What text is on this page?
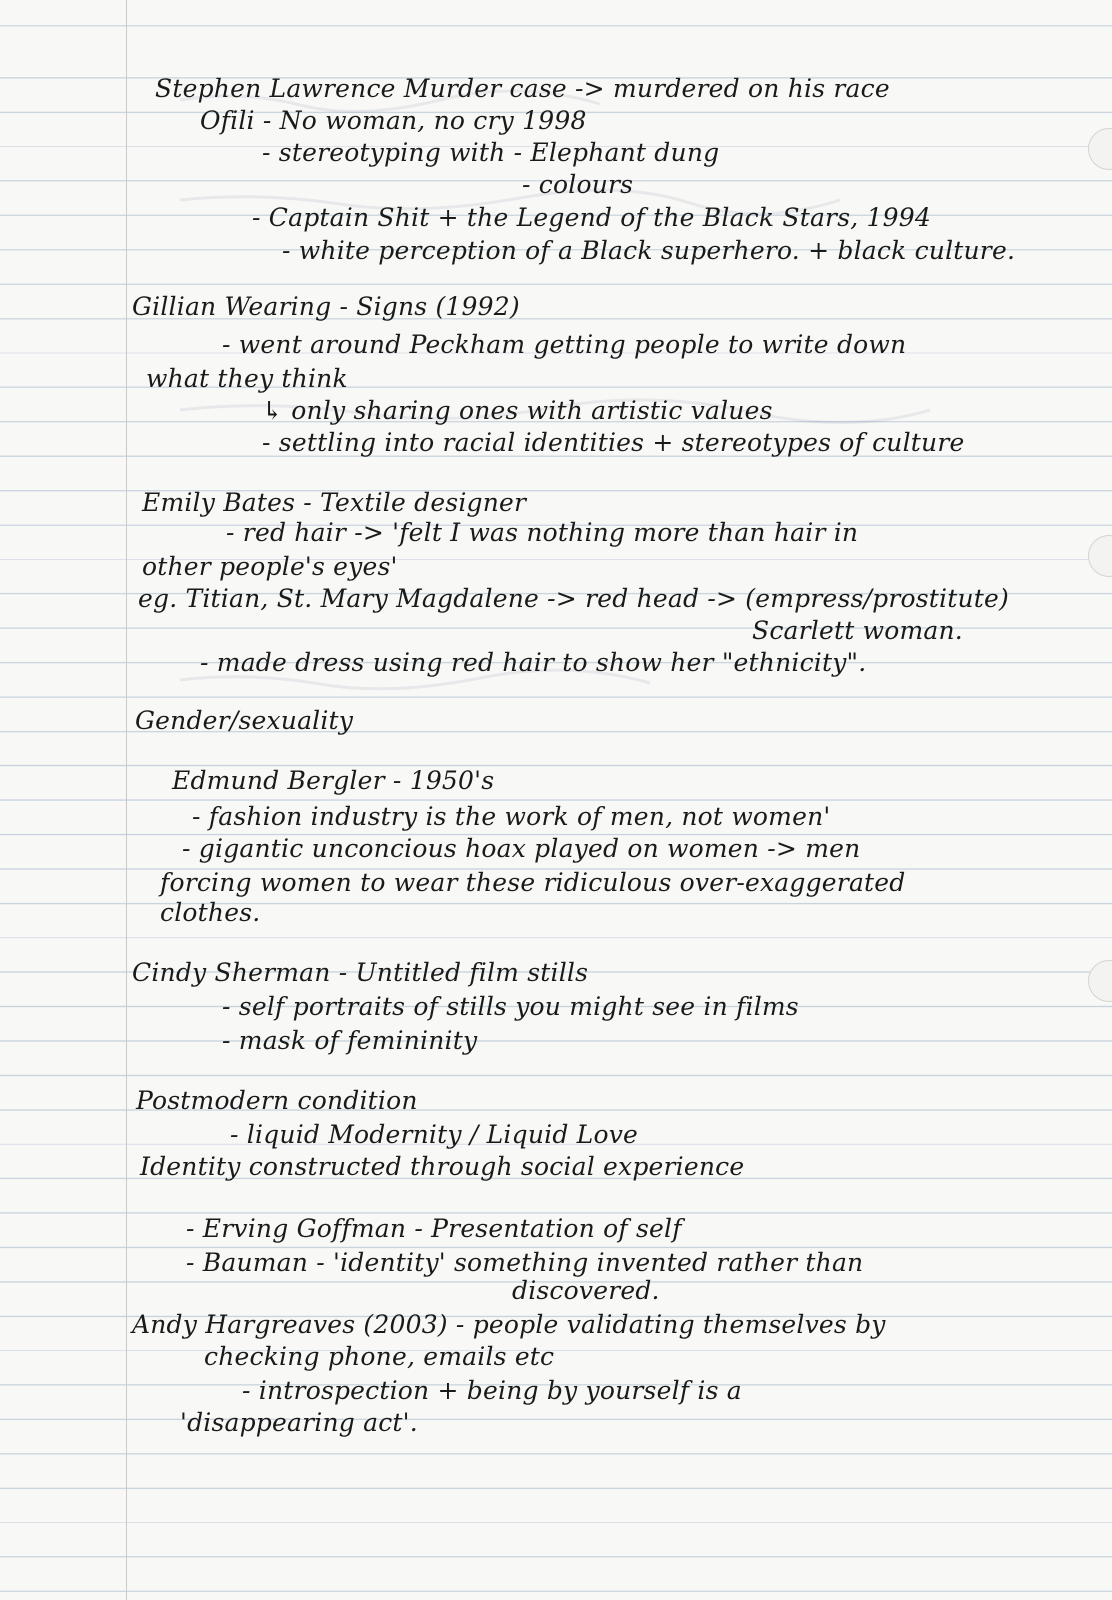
Stephen Lawrence Murder case -> murdered on his race
Ofili - No woman, no cry 1998
- stereotyping with - Elephant dung
- colours
- Captain Shit + the Legend of the Black Stars, 1994
- white perception of a Black superhero. + black culture.
Gillian Wearing - Signs (1992)
- went around Peckham getting people to write down
what they think
↳ only sharing ones with artistic values
- settling into racial identities + stereotypes of culture
Emily Bates - Textile designer
- red hair -> 'felt I was nothing more than hair in
other people's eyes'
eg. Titian, St. Mary Magdalene -> red head -> (empress/prostitute)
Scarlett woman.
- made dress using red hair to show her "ethnicity".
Gender/sexuality
Edmund Bergler - 1950's
- fashion industry is the work of men, not women'
- gigantic unconcious hoax played on women -> men
forcing women to wear these ridiculous over-exaggerated
clothes.
Cindy Sherman - Untitled film stills
- self portraits of stills you might see in films
- mask of femininity
Postmodern condition
- liquid Modernity / Liquid Love
Identity constructed through social experience
- Erving Goffman - Presentation of self
- Bauman - 'identity' something invented rather than
discovered.
Andy Hargreaves (2003) - people validating themselves by
checking phone, emails etc
- introspection + being by yourself is a
'disappearing act'.
